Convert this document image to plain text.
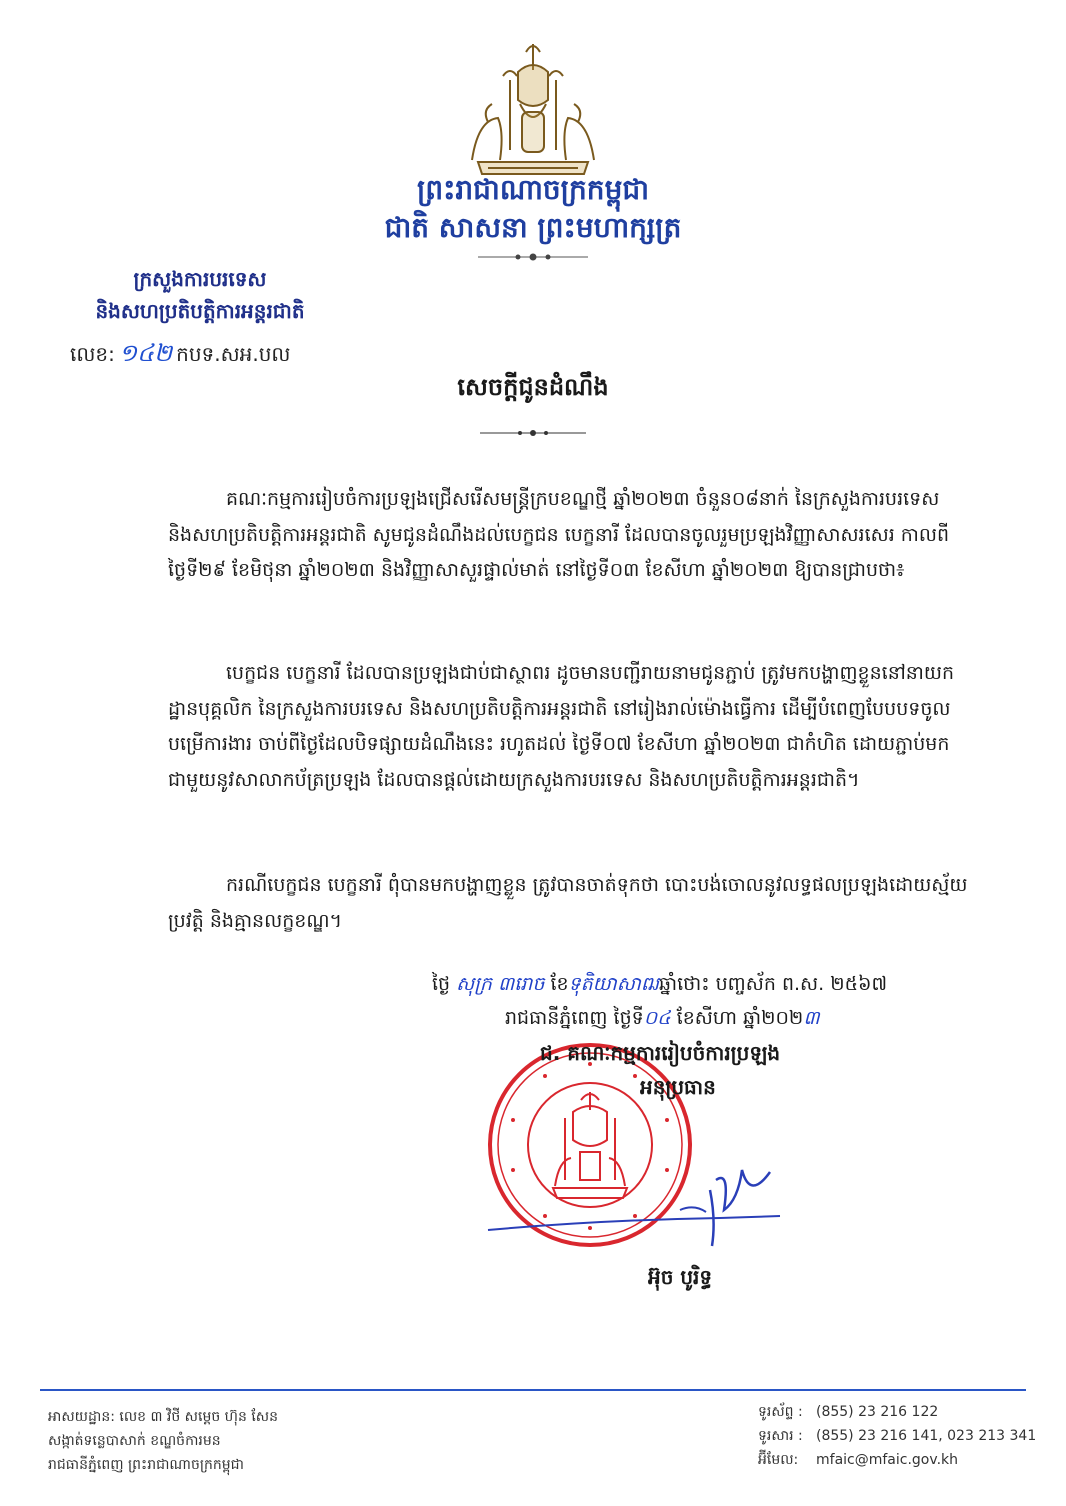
ព្រះរាជាណាចក្រកម្ពុជា
ជាតិ សាសនា ព្រះមហាក្សត្រ
ក្រសួងការបរទេស
និងសហប្រតិបត្តិការអន្តរជាតិ
លេខ: ១៤២ កបទ.សអ.បល
សេចក្តីជូនដំណឹង
គណៈកម្មការរៀបចំការប្រឡងជ្រើសរើសមន្ត្រីក្របខណ្ឌថ្មី ឆ្នាំ២០២៣ ចំនួន០៨នាក់ នៃក្រសួងការបរទេស និងសហប្រតិបត្តិការអន្តរជាតិ សូមជូនដំណឹងដល់បេក្ខជន បេក្ខនារី ដែលបានចូលរួមប្រឡងវិញ្ញាសាសរសេរ កាលពីថ្ងៃទី២៩ ខែមិថុនា ឆ្នាំ២០២៣ និងវិញ្ញាសាសួរផ្ទាល់មាត់ នៅថ្ងៃទី០៣ ខែសីហា ឆ្នាំ២០២៣ ឱ្យបានជ្រាបថា៖
បេក្ខជន បេក្ខនារី ដែលបានប្រឡងជាប់ជាស្ថាពរ ដូចមានបញ្ជីរាយនាមជូនភ្ជាប់ ត្រូវមកបង្ហាញខ្លួននៅនាយកដ្ឋានបុគ្គលិក នៃក្រសួងការបរទេស និងសហប្រតិបត្តិការអន្តរជាតិ នៅរៀងរាល់ម៉ោងធ្វើការ ដើម្បីបំពេញបែបបទចូលបម្រើការងារ ចាប់ពីថ្ងៃដែលបិទផ្សាយដំណឹងនេះ រហូតដល់ ថ្ងៃទី០៧ ខែសីហា ឆ្នាំ២០២៣ ជាកំហិត ដោយភ្ជាប់មកជាមួយនូវសាលាកប័ត្រប្រឡង ដែលបានផ្តល់ដោយក្រសួងការបរទេស និងសហប្រតិបត្តិការអន្តរជាតិ។
ករណីបេក្ខជន បេក្ខនារី ពុំបានមកបង្ហាញខ្លួន ត្រូវបានចាត់ទុកថា បោះបង់ចោលនូវលទ្ធផលប្រឡងដោយស្ម័យប្រវត្តិ និងគ្មានលក្ខខណ្ឌ។
ថ្ងៃ សុក្រ ៣រោច ខែទុតិយាសាឍឆ្នាំថោះ បញ្ចស័ក ព.ស. ២៥៦៧
រាជធានីភ្នំពេញ ថ្ងៃទី០៤ ខែសីហា ឆ្នាំ២០២៣
ជ. គណៈកម្មការរៀបចំការប្រឡង
អនុប្រធាន
អ៊ុច បូរិទ្ធ
អាសយដ្ឋាន: លេខ ៣ វិថី សម្តេច ហ៊ុន សែន
សង្កាត់ទន្លេបាសាក់ ខណ្ឌចំការមន
រាជធានីភ្នំពេញ ព្រះរាជាណាចក្រកម្ពុជា
ទូរស័ព្ទ : (855) 23 216 122
ទូរសារ : (855) 23 216 141, 023 213 341
អ៊ីមែល: mfaic@mfaic.gov.kh
